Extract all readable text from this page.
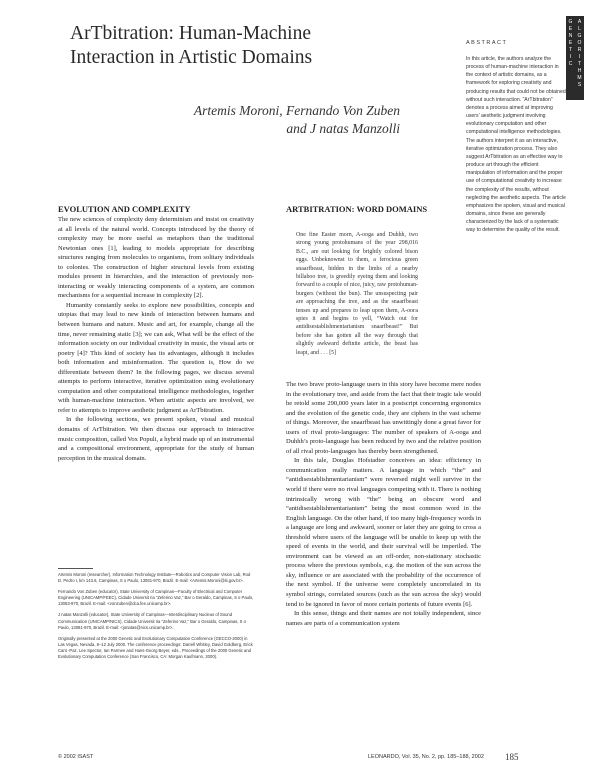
ArTbitration: Human-Machine Interaction in Artistic Domains
Artemis Moroni, Fernando Von Zuben
and J natas Manzolli
G
E
N
E
T
I
C
A
L
G
O
R
I
T
H
M
S
ABSTRACT
In this article, the authors analyze the process of human-machine interaction in the context of artistic domains, as a framework for exploring creativity and producing results that could not be obtained without such interaction. “ArTbitration” denotes a process aimed at improving users’ aesthetic judgment involving evolutionary computation and other computational intelligence methodologies. The authors interpret it as an interactive, iterative optimization process. They also suggest ArTbitration as an effective way to produce art through the efficient manipulation of information and the proper use of computational creativity to increase the complexity of the results, without neglecting the aesthetic aspects. The article emphasizes the spoken, visual and musical domains, since these are generally characterized by the lack of a systematic way to determine the quality of the result.
EVOLUTION AND COMPLEXITY

The new sciences of complexity deny determinism and insist on creativity at all levels of the natural world. Concepts introduced by the theory of complexity may be more useful as metaphors than the traditional Newtonian ones [1], leading to models appropriate for describing structures ranging from molecules to organisms, from solitary individuals to colonies. The construction of higher structural levels from existing modules present in hierarchies, and the interaction of previously non-interacting or weakly interacting components of a system, are common mechanisms for a sequential increase in complexity [2].

Humanity constantly seeks to explore new possibilities, concepts and utopias that may lead to new kinds of interaction between humans and between humans and nature. Music and art, for example, change all the time, never remaining static [3]; we can ask, What will be the effect of the information society on our individual creativity in music, the visual arts or poetry [4]? This kind of society has its advantages, although it includes both information and misinformation. The question is, How do we differentiate between them? In the following pages, we discuss several attempts to perform interactive, iterative optimization using evolutionary computation and other computational intelligence methodologies, together with human-machine interaction. When artistic aspects are involved, we refer to attempts to improve aesthetic judgment as ArTbitration.

In the following sections, we present spoken, visual and musical domains of ArTbitration. We then discuss our approach to interactive music composition, called Vox Populi, a hybrid made up of an instrumental and a compositional environment, appropriate for the study of human perception in the musical domain.

ARTBITRATION: WORD DOMAINS
One fine Easter morn, A-ooga and Duhhh, two strong young protohumans of the year 298,016 B.C., are out looking for brightly colored bison eggs. Unbeknownst to them, a ferocious green snaarfbeast, hidden in the limbs of a nearby billaboo tree, is greedily eyeing them and looking forward to a couple of nice, juicy, raw protohuman-burgers (without the bun). The unsuspecting pair are approaching the tree, and as the snaarfbeast tenses up and prepares to leap upon them, A-oога spies it and begins to yell, “Watch out for antidisestablishmentarianism snaarfbeast!” But before she has gotten all the way through that slightly awkward definite article, the beast has leapt, and . . . [5]

The two brave proto-language users in this story have become mere nodes in the evolutionary tree, and aside from the fact that their tragic tale would be retold some 290,000 years later in a postscript concerning ergonomics and the evolution of the genetic code, they are ciphers in the vast scheme of things. Moreover, the snaarfbeast has unwittingly done a great favor for users of rival proto-languages: The number of speakers of A-ooga and Duhhh’s proto-language has been reduced by two and the relative position of all rival proto-languages has thereby been strengthened.

In this tale, Douglas Hofstadter conceives an idea: efficiency in communication really matters. A language in which “the” and “antidisestablishmentarianism” were reversed might well survive in the world if there were no rival languages competing with it. There is nothing intrinsically wrong with “the” being an obscure word and “antidisestablishmentarianism” being the most common word in the English language. On the other hand, if too many high-frequency words in a language are long and awkward, sooner or later they are going to cross a threshold where users of the language will be unable to keep up with the speed of events in the world, and their survival will be imperiled. The environment can be viewed as an off-order, non-stationary stochastic process where the previous symbols, e.g. the motion of the sun across the sky, influence or are associated with the probability of the occurrence of the next symbol. If the universe were completely uncorrelated in its symbol strings, correlated sources (such as the sun across the sky) would tend to be ignored in favor of more certain portents of future events [6].

In this sense, things and their names are not totally independent, since names are parts of a communication system

Artemis Moroni (researcher), Information Technology Institute—Robotics and Computer Vision Lab, Rod D. Pedro I, km 143.6, Campinas, S o Paulo, 13081-970, Brazil. E-mail: <Artemis.Moroni@iti.gov.br>.

Fernando Von Zuben (educator), State University of Campinas—Faculty of Electrical and Computer Engineering (UNICAMP/FEEC), Cidade Universit ria “Zeferino Vaz,” Bar o Geraldo, Campinas, S o Paulo, 13083-970, Brazil. E-mail: <vonzuben@dca.fee.unicamp.br>.

J natas Manzolli (educator), State University of Campinas—Interdisciplinary Nucleus of Sound Communication (UNICAMP/NICS), Cidade Universit ria “Zeferino Vaz,” Bar o Geraldo, Campinas, S o Paulo, 13081-970, Brazil. E-mail: <jonatas@nics.unicamp.br>.

Originally presented at the 2000 Genetic and Evolutionary Computation Conference (GECCO-2000) in Las Vegas, Nevada, 8–12 July 2000. The conference proceedings: Darrell Whitley, David Goldberg, Erick Cant -Paz, Lee Spector, Ian Parmee and Hans-Georg Beyer, eds., Proceedings of the 2000 Genetic and Evolutionary Computation Conference (San Francisco, CA: Morgan Kaufmann, 2000).

© 2002 ISAST	LEONARDO, Vol. 35, No. 2, pp. 185–188, 2002 185
